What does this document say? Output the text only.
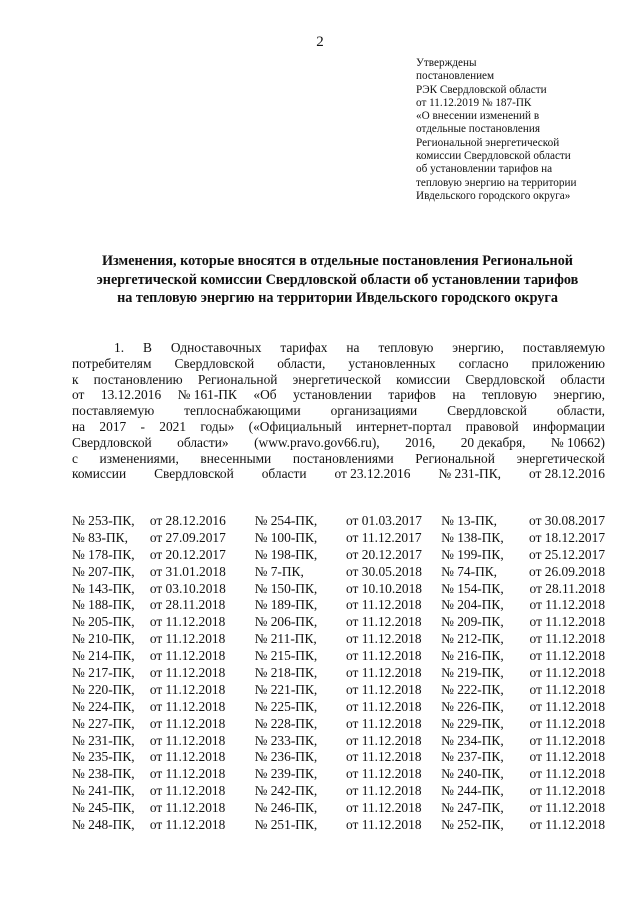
2
Утверждены
постановлением
РЭК Свердловской области
от 11.12.2019 № 187-ПК
«О внесении изменений в
отдельные постановления
Региональной энергетической
комиссии Свердловской области
об установлении тарифов на
тепловую энергию на территории
Ивдельского городского округа»
Изменения, которые вносятся в отдельные постановления Региональной
энергетической комиссии Свердловской области об установлении тарифов
на тепловую энергию на территории Ивдельского городского округа
1. В Одноставочных тарифах на тепловую энергию, поставляемую
потребителям Свердловской области, установленных согласно приложению
к постановлению Региональной энергетической комиссии Свердловской области
от 13.12.2016 № 161-ПК «Об установлении тарифов на тепловую энергию,
поставляемую теплоснабжающими организациями Свердловской области,
на 2017 - 2021 годы» («Официальный интернет-портал правовой информации
Свердловской области» (www.pravo.gov66.ru), 2016, 20 декабря, № 10662)
с изменениями, внесенными постановлениями Региональной энергетической
комиссии Свердловской области от 23.12.2016 № 231-ПК, от 28.12.2016
№ 253-ПК,	от 28.12.2016	№ 254-ПК,	от 01.03.2017	№ 13-ПК,	от 30.08.2017
№ 83-ПК,	от 27.09.2017	№ 100-ПК,	от 11.12.2017	№ 138-ПК,	от 18.12.2017
№ 178-ПК,	от 20.12.2017	№ 198-ПК,	от 20.12.2017	№ 199-ПК,	от 25.12.2017
№ 207-ПК,	от 31.01.2018	№ 7-ПК,	от 30.05.2018	№ 74-ПК,	от 26.09.2018
№ 143-ПК,	от 03.10.2018	№ 150-ПК,	от 10.10.2018	№ 154-ПК,	от 28.11.2018
№ 188-ПК,	от 28.11.2018	№ 189-ПК,	от 11.12.2018	№ 204-ПК,	от 11.12.2018
№ 205-ПК,	от 11.12.2018	№ 206-ПК,	от 11.12.2018	№ 209-ПК,	от 11.12.2018
№ 210-ПК,	от 11.12.2018	№ 211-ПК,	от 11.12.2018	№ 212-ПК,	от 11.12.2018
№ 214-ПК,	от 11.12.2018	№ 215-ПК,	от 11.12.2018	№ 216-ПК,	от 11.12.2018
№ 217-ПК,	от 11.12.2018	№ 218-ПК,	от 11.12.2018	№ 219-ПК,	от 11.12.2018
№ 220-ПК,	от 11.12.2018	№ 221-ПК,	от 11.12.2018	№ 222-ПК,	от 11.12.2018
№ 224-ПК,	от 11.12.2018	№ 225-ПК,	от 11.12.2018	№ 226-ПК,	от 11.12.2018
№ 227-ПК,	от 11.12.2018	№ 228-ПК,	от 11.12.2018	№ 229-ПК,	от 11.12.2018
№ 231-ПК,	от 11.12.2018	№ 233-ПК,	от 11.12.2018	№ 234-ПК,	от 11.12.2018
№ 235-ПК,	от 11.12.2018	№ 236-ПК,	от 11.12.2018	№ 237-ПК,	от 11.12.2018
№ 238-ПК,	от 11.12.2018	№ 239-ПК,	от 11.12.2018	№ 240-ПК,	от 11.12.2018
№ 241-ПК,	от 11.12.2018	№ 242-ПК,	от 11.12.2018	№ 244-ПК,	от 11.12.2018
№ 245-ПК,	от 11.12.2018	№ 246-ПК,	от 11.12.2018	№ 247-ПК,	от 11.12.2018
№ 248-ПК,	от 11.12.2018	№ 251-ПК,	от 11.12.2018	№ 252-ПК,	от 11.12.2018
